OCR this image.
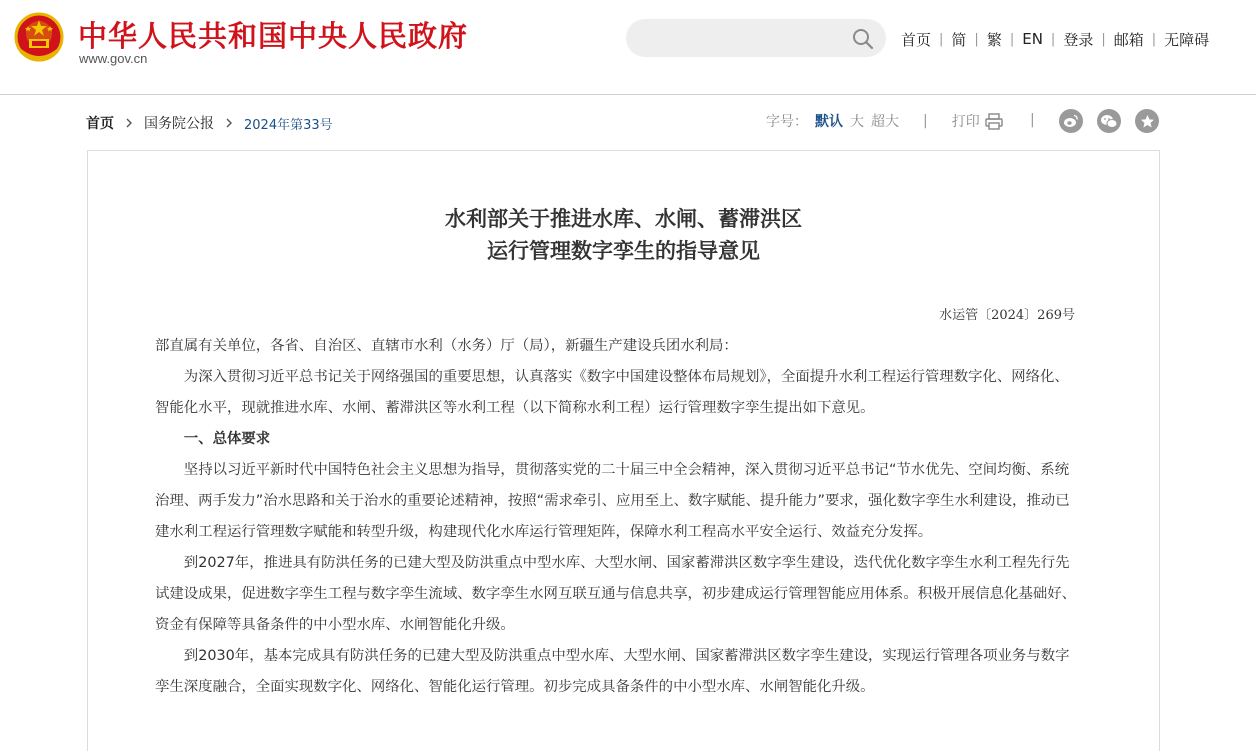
中华人民共和国中央人民政府
www.gov.cn
首页 | 简 | 繁 | EN | 登录 | 邮箱 | 无障碍
首页 国务院公报 2024年第33号	字号： 默认 大 超大 | 打印	|
水利部关于推进水库、水闸、蓄滞洪区
运行管理数字孪生的指导意见
水运管〔2024〕269号

部直属有关单位，各省、自治区、直辖市水利（水务）厅（局），新疆生产建设兵团水利局：

为深入贯彻习近平总书记关于网络强国的重要思想，认真落实《数字中国建设整体布局规划》，全面提升水利工程运行管理数字化、网络化、智能化水平，现就推进水库、水闸、蓄滞洪区等水利工程（以下简称水利工程）运行管理数字孪生提出如下意见。

一、总体要求

坚持以习近平新时代中国特色社会主义思想为指导，贯彻落实党的二十届三中全会精神，深入贯彻习近平总书记“节水优先、空间均衡、系统治理、两手发力”治水思路和关于治水的重要论述精神，按照“需求牵引、应用至上、数字赋能、提升能力”要求，强化数字孪生水利建设，推动已建水利工程运行管理数字赋能和转型升级，构建现代化水库运行管理矩阵，保障水利工程高水平安全运行、效益充分发挥。

到2027年，推进具有防洪任务的已建大型及防洪重点中型水库、大型水闸、国家蓄滞洪区数字孪生建设，迭代优化数字孪生水利工程先行先试建设成果，促进数字孪生工程与数字孪生流域、数字孪生水网互联互通与信息共享，初步建成运行管理智能应用体系。积极开展信息化基础好、资金有保障等具备条件的中小型水库、水闸智能化升级。

到2030年，基本完成具有防洪任务的已建大型及防洪重点中型水库、大型水闸、国家蓄滞洪区数字孪生建设，实现运行管理各项业务与数字孪生深度融合，全面实现数字化、网络化、智能化运行管理。初步完成具备条件的中小型水库、水闸智能化升级。
